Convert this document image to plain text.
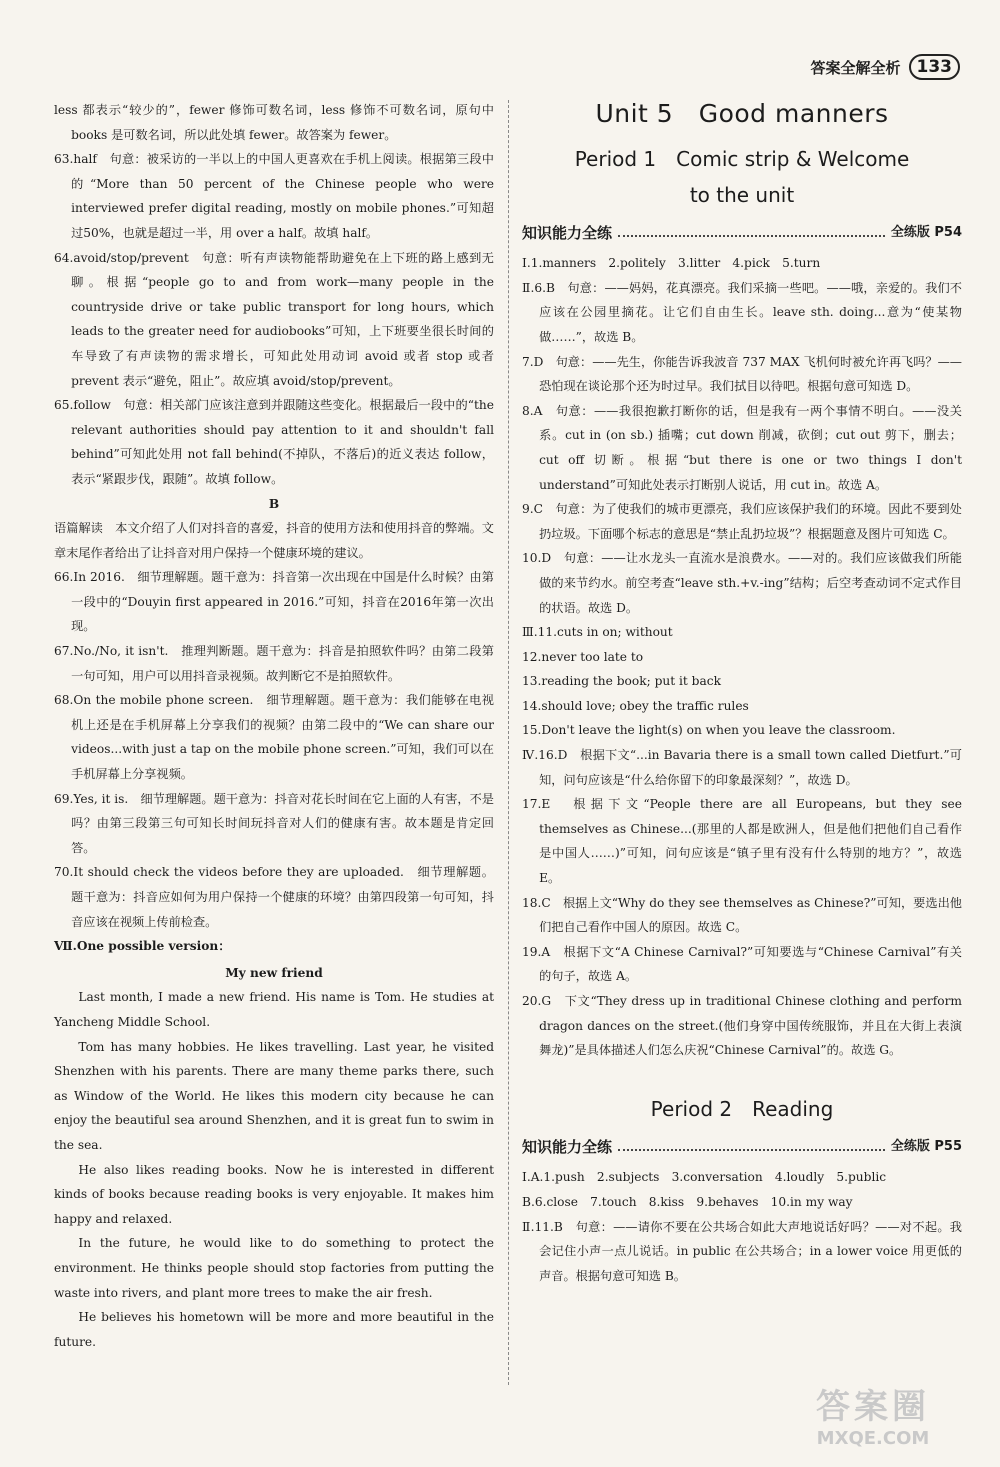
答案全解全析 133

less 都表示“较少的”，fewer 修饰可数名词，less 修饰不可数名词，原句中 books 是可数名词，所以此处填 fewer。故答案为 fewer。

63.half　句意：被采访的一半以上的中国人更喜欢在手机上阅读。根据第三段中的“More than 50 percent of the Chinese people who were interviewed prefer digital reading, mostly on mobile phones.”可知超过50%，也就是超过一半，用 over a half。故填 half。

64.avoid/stop/prevent　句意：听有声读物能帮助避免在上下班的路上感到无聊。根据“people go to and from work—many people in the countryside drive or take public transport for long hours, which leads to the greater need for audiobooks”可知，上下班要坐很长时间的车导致了有声读物的需求增长，可知此处用动词 avoid 或者 stop 或者 prevent 表示“避免，阻止”。故应填 avoid/stop/prevent。

65.follow　句意：相关部门应该注意到并跟随这些变化。根据最后一段中的“the relevant authorities should pay attention to it and shouldn't fall behind”可知此处用 not fall behind(不掉队，不落后)的近义表达 follow，表示“紧跟步伐，跟随”。故填 follow。

B

语篇解读　本文介绍了人们对抖音的喜爱，抖音的使用方法和使用抖音的弊端。文章末尾作者给出了让抖音对用户保持一个健康环境的建议。

66.In 2016.　细节理解题。题干意为：抖音第一次出现在中国是什么时候？由第一段中的“Douyin first appeared in 2016.”可知，抖音在2016年第一次出现。

67.No./No, it isn't.　推理判断题。题干意为：抖音是拍照软件吗？由第二段第一句可知，用户可以用抖音录视频。故判断它不是拍照软件。

68.On the mobile phone screen.　细节理解题。题干意为：我们能够在电视机上还是在手机屏幕上分享我们的视频？由第二段中的“We can share our videos...with just a tap on the mobile phone screen.”可知，我们可以在手机屏幕上分享视频。

69.Yes, it is.　细节理解题。题干意为：抖音对花长时间在它上面的人有害，不是吗？由第三段第三句可知长时间玩抖音对人们的健康有害。故本题是肯定回答。

70.It should check the videos before they are uploaded.　细节理解题。题干意为：抖音应如何为用户保持一个健康的环境？由第四段第一句可知，抖音应该在视频上传前检查。

Ⅶ.One possible version：

My new friend

Last month, I made a new friend. His name is Tom. He studies at Yancheng Middle School.

Tom has many hobbies. He likes travelling. Last year, he visited Shenzhen with his parents. There are many theme parks there, such as Window of the World. He likes this modern city because he can enjoy the beautiful sea around Shenzhen, and it is great fun to swim in the sea.

He also likes reading books. Now he is interested in different kinds of books because reading books is very enjoyable. It makes him happy and relaxed.

In the future, he would like to do something to protect the environment. He thinks people should stop factories from putting the waste into rivers, and plant more trees to make the air fresh.

He believes his hometown will be more and more beautiful in the future.

Unit 5　Good manners
Period 1　Comic strip & Welcome
to the unit
知识能力全练	全练版 P54

Ⅰ.1.manners　2.politely　3.litter　4.pick　5.turn

Ⅱ.6.B　句意：——妈妈，花真漂亮。我们采摘一些吧。——哦，亲爱的。我们不应该在公园里摘花。让它们自由生长。leave sth. doing...意为“使某物做……”，故选 B。

7.D　句意：——先生，你能告诉我波音 737 MAX 飞机何时被允许再飞吗？——恐怕现在谈论那个还为时过早。我们拭目以待吧。根据句意可知选 D。

8.A　句意：——我很抱歉打断你的话，但是我有一两个事情不明白。——没关系。cut in (on sb.) 插嘴；cut down 削减，砍倒；cut out 剪下，删去；cut off 切断。根据“but there is one or two things I don't understand”可知此处表示打断别人说话，用 cut in。故选 A。

9.C　句意：为了使我们的城市更漂亮，我们应该保护我们的环境。因此不要到处扔垃圾。下面哪个标志的意思是“禁止乱扔垃圾”？根据题意及图片可知选 C。

10.D　句意：——让水龙头一直流水是浪费水。——对的。我们应该做我们所能做的来节约水。前空考查“leave sth.+v.-ing”结构；后空考查动词不定式作目的状语。故选 D。

Ⅲ.11.cuts in on; without

12.never too late to

13.reading the book; put it back

14.should love; obey the traffic rules

15.Don't leave the light(s) on when you leave the classroom.

Ⅳ.16.D　根据下文“...in Bavaria there is a small town called Dietfurt.”可知，问句应该是“什么给你留下的印象最深刻？”，故选 D。

17.E　根据下文“People there are all Europeans, but they see themselves as Chinese...(那里的人都是欧洲人，但是他们把他们自己看作是中国人……)”可知，问句应该是“镇子里有没有什么特别的地方？”，故选 E。

18.C　根据上文“Why do they see themselves as Chinese?”可知，要选出他们把自己看作中国人的原因。故选 C。

19.A　根据下文“A Chinese Carnival?”可知要选与“Chinese Carnival”有关的句子，故选 A。

20.G　下文“They dress up in traditional Chinese clothing and perform dragon dances on the street.(他们身穿中国传统服饰，并且在大街上表演舞龙)”是具体描述人们怎么庆祝“Chinese Carnival”的。故选 G。

Period 2　Reading
知识能力全练	全练版 P55

Ⅰ.A.1.push　2.subjects　3.conversation　4.loudly　5.public

B.6.close　7.touch　8.kiss　9.behaves　10.in my way

Ⅱ.11.B　句意：——请你不要在公共场合如此大声地说话好吗？——对不起。我会记住小声一点儿说话。in public 在公共场合；in a lower voice 用更低的声音。根据句意可知选 B。

答案圈
MXQE.COM
